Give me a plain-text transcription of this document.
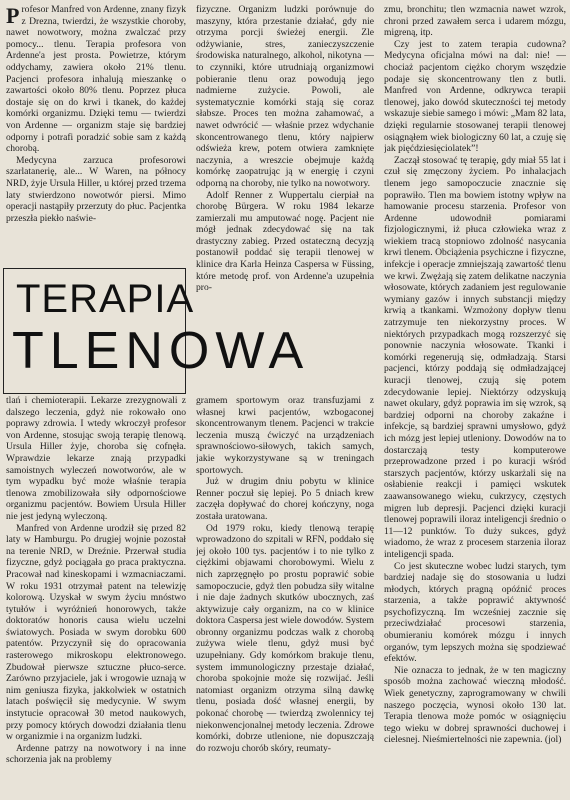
Profesor Manfred von Ardenne, znany fizyk z Drezna, twierdzi, że wszystkie choroby, nawet nowotwory, można zwalczać przy pomocy... tlenu. Terapia profesora von Ardenne'a jest prosta. Powietrze, którym oddychamy, zawiera około 21% tlenu. Pacjenci profesora inhalują mieszankę o zawartości około 80% tlenu. Poprzez płuca dostaje się on do krwi i tkanek, do każdej komórki organizmu. Dzięki temu — twierdzi von Ardenne — organizm staje się bardziej odporny i potrafi poradzić sobie sam z każdą chorobą.

Medycyna zarzuca profesorowi szarlatanerię, ale... W Waren, na północy NRD, żyje Ursula Hiller, u której przed trzema laty stwierdzono nowotwór piersi. Mimo operacji nastąpiły przerzuty do płuc. Pacjentka przeszła piekło naświe-

fizyczne. Organizm ludzki porównuje do maszyny, która przestanie działać, gdy nie otrzyma porcji świeżej energii. Zle odżywianie, stres, zanieczyszczenie środowiska naturalnego, alkohol, nikotyna — to czynniki, które utrudniają organizmowi pobieranie tlenu oraz powodują jego nadmierne zużycie. Powoli, ale systematycznie komórki stają się coraz słabsze. Proces ten można zahamować, a nawet odwrócić — właśnie przez wdychanie skoncentrowanego tlenu, który najpierw odświeża krew, potem otwiera zamknięte naczynia, a wreszcie obejmuje każdą komórkę zaopatrując ją w energię i czyni odporną na choroby, nie tylko na nowotwory.

Adolf Renner z Wuppertalu cierpiał na chorobę Bürgera. W roku 1984 lekarze zamierzali mu amputować nogę. Pacjent nie mógł jednak zdecydować się na tak drastyczny zabieg. Przed ostateczną decyzją postanowił poddać się terapii tlenowej w klinice dra Karla Heinza Caspersa w Füssing, które metodę prof. von Ardenne'a uzupełnia pro-

zmu, bronchitu; tlen wzmacnia nawet wzrok, chroni przed zawałem serca i udarem mózgu, migreną, itp.

Czy jest to zatem terapia cudowna? Medycyna oficjalna mówi na dal: nie! — chociaż pacjentom ciężko chorym wszędzie podaje się skoncentrowany tlen z butli. Manfred von Ardenne, odkrywca terapii tlenowej, jako dowód skuteczności tej metody wskazuje siebie samego i mówi: „Mam 82 lata, dzięki regularnie stosowanej terapii tlenowej osiągnąłem wiek biologiczny 60 lat, a czuję się jak pięćdziesięciolatek”!

Zaczął stosować tę terapię, gdy miał 55 lat i czuł się zmęczony życiem. Po inhalacjach tlenem jego samopoczucie znacznie się poprawiło. Tlen ma bowiem istotny wpływ na hamowanie procesu starzenia. Profesor von Ardenne udowodnił pomiarami fizjologicznymi, iż płuca człowieka wraz z wiekiem tracą stopniowo zdolność nasycania krwi tlenem. Obciążenia psychiczne i fizyczne, infekcje i operacje zmniejszają zawartość tlenu we krwi. Zwężają się zatem delikatne naczynia włosowate, których zadaniem jest regulowanie wymiany gazów i innych substancji między krwią a tkankami. Wzmożony dopływ tlenu zatrzymuje ten niekorzystny proces. W niektórych przypadkach mogą rozszerzyć się ponownie naczynia włosowate. Tkanki i komórki regenerują się, odmładzają. Starsi pacjenci, którzy poddają się odmładzającej kuracji tlenowej, czują się potem zdecydowanie lepiej. Niektórzy odzyskują nawet okulary, gdyż poprawia im się wzrok, są bardziej odporni na choroby zakaźne i infekcje, są bardziej sprawni umysłowo, gdyż ich mózg jest lepiej utleniony. Dowodów na to dostarczają testy komputerowe przeprowadzone przed i po kuracji wśród starszych pacjentów, którzy uskarżali się na osłabienie reakcji i pamięci wskutek zaawansowanego wieku, cukrzycy, częstych migren lub depresji. Pacjenci dzięki kuracji tlenowej poprawili iloraz inteligencji średnio o 11—12 punktów. To duży sukces, gdyż wiadomo, że wraz z procesem starzenia iloraz inteligencji spada.

Co jest skuteczne wobec ludzi starych, tym bardziej nadaje się do stosowania u ludzi młodych, których pragną opóźnić proces starzenia, a także poprawić aktywność psychofizyczną. Im wcześniej zacznie się przeciwdziałać procesowi starzenia, obumieraniu komórek mózgu i innych organów, tym lepszych można się spodziewać efektów.

Nie oznacza to jednak, że w ten magiczny sposób można zachować wieczną młodość. Wiek genetyczny, zaprogramowany w chwili naszego poczęcia, wynosi około 130 lat. Terapia tlenowa może pomóc w osiągnięciu tego wieku w dobrej sprawności duchowej i cielesnej. Nieśmiertelności nie zapewnia. (jol)

TERAPIA
TLENOWA

tlań i chemioterapii. Lekarze zrezygnowali z dalszego leczenia, gdyż nie rokowało ono poprawy zdrowia. I wtedy wkroczył profesor von Ardenne, stosując swoją terapię tlenową. Ursula Hiller żyje, choroba się cofnęła. Wprawdzie lekarze znają przypadki samoistnych wyleczeń nowotworów, ale w tym wypadku być może właśnie terapia tlenowa zmobilizowała siły odpornościowe organizmu pacjentów. Bowiem Ursula Hiller nie jest jedyną wyleczoną.

Manfred von Ardenne urodził się przed 82 laty w Hamburgu. Po drugiej wojnie pozostał na terenie NRD, w Dreźnie. Przerwał studia fizyczne, gdyż pociągała go praca praktyczna. Pracował nad kineskopami i wzmacniaczami. W roku 1931 otrzymał patent na telewizję kolorową. Uzyskał w swym życiu mnóstwo tytułów i wyróżnień honorowych, także doktoratów honoris causa wielu uczelni światowych. Posiada w swym dorobku 600 patentów. Przyczynił się do opracowania rasterowego mikroskopu elektronowego. Zbudował pierwsze sztuczne płuco-serce. Zarówno przyjaciele, jak i wrogowie uznają w nim geniusza fizyka, jakkolwiek w ostatnich latach poświęcił się medycynie. W swym instytucie opracował 30 metod naukowych, przy pomocy których dowodzi działania tlenu w organizmie i na organizm ludzki.

Ardenne patrzy na nowotwory i na inne schorzenia jak na problemy

gramem sportowym oraz transfuzjami z własnej krwi pacjentów, wzbogaconej skoncentrowanym tlenem. Pacjenci w trakcie leczenia muszą ćwiczyć na urządzeniach sprawnościowo-siłowych, takich samych, jakie wykorzystywane są w treningach sportowych.

Już w drugim dniu pobytu w klinice Renner poczuł się lepiej. Po 5 dniach krew zaczęła dopływać do chorej kończyny, noga została uratowana.

Od 1979 roku, kiedy tlenową terapię wprowadzono do szpitali w RFN, poddało się jej około 100 tys. pacjentów i to nie tylko z ciężkimi objawami chorobowymi. Wielu z nich zaprzęgnęło po prostu poprawić sobie samopoczucie, gdyż tlen pobudza siły witalne i nie daje żadnych skutków ubocznych, zaś aktywizuje cały organizm, na co w klinice doktora Caspersa jest wiele dowodów. System obronny organizmu podczas walk z chorobą zużywa wiele tlenu, gdyż musi być uzupełniany. Gdy komórkom brakuje tlenu, system immunologiczny przestaje działać, choroba spokojnie może się rozwijać. Jeśli natomiast organizm otrzyma silną dawkę tlenu, posiada dość własnej energii, by pokonać chorobę — twierdzą zwolennicy tej niekonwencjonalnej metody leczenia. Zdrowe komórki, dobrze utlenione, nie dopuszczają do rozwoju chorób skóry, reumaty-
